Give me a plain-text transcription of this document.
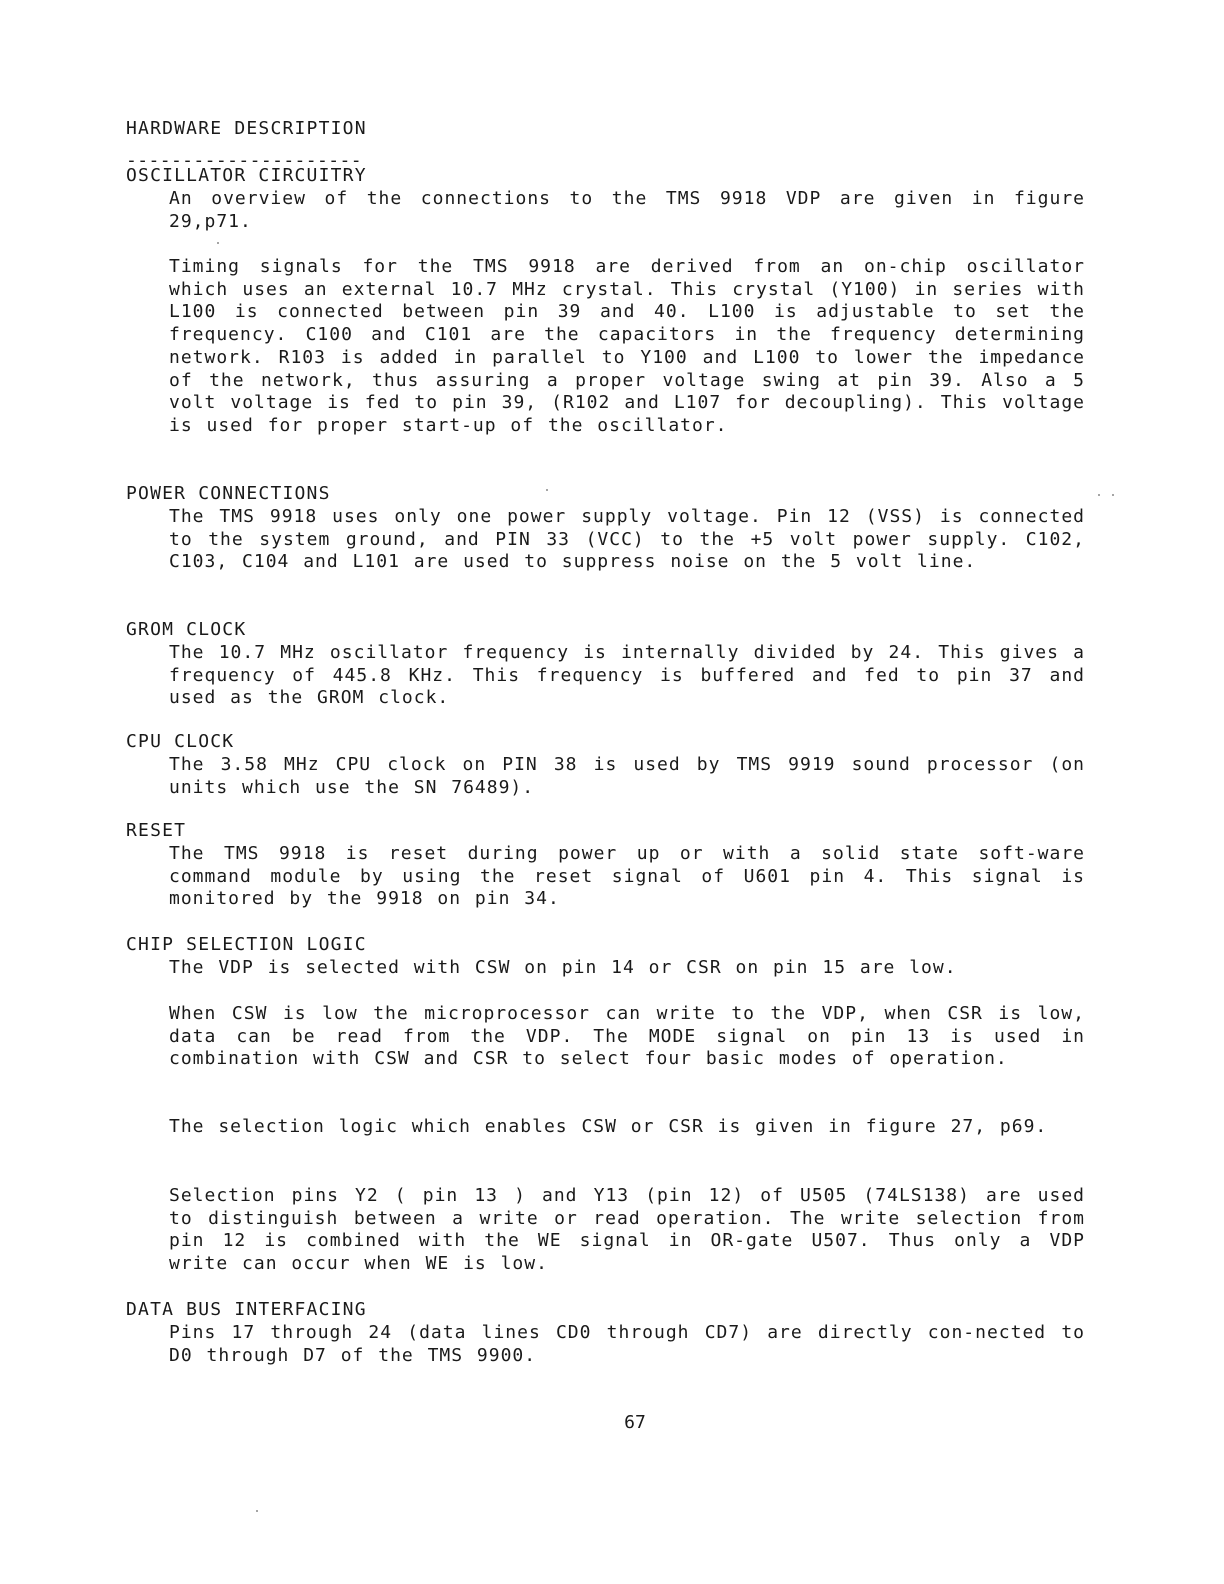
HARDWARE DESCRIPTION
---------------------
OSCILLATOR CIRCUITRY
An overview of the connections to the TMS 9918 VDP are given in figure 29,p71.
Timing signals for the TMS 9918 are derived from an on-chip oscillator which uses an external 10.7 MHz crystal. This crystal (Y100) in series with L100 is connected between pin 39 and 40. L100 is adjustable to set the frequency. C100 and C101 are the capacitors in the frequency determining network. R103 is added in parallel to Y100 and L100 to lower the impedance of the network, thus assuring a proper voltage swing at pin 39. Also a 5 volt voltage is fed to pin 39, (R102 and L107 for decoupling). This voltage is used for proper start-up of the oscillator.
POWER CONNECTIONS
The TMS 9918 uses only one power supply voltage. Pin 12 (VSS) is connected to the system ground, and PIN 33 (VCC) to the +5 volt power supply. C102, C103, C104 and L101 are used to suppress noise on the 5 volt line.
GROM CLOCK
The 10.7 MHz oscillator frequency is internally divided by 24. This gives a frequency of 445.8 KHz. This frequency is buffered and fed to pin 37 and used as the GROM clock.
CPU CLOCK
The 3.58 MHz CPU clock on PIN 38 is used by TMS 9919 sound processor (on units which use the SN 76489).
RESET
The TMS 9918 is reset during power up or with a solid state soft-ware command module by using the reset signal of U601 pin 4. This signal is monitored by the 9918 on pin 34.
CHIP SELECTION LOGIC
The VDP is selected with CSW on pin 14 or CSR on pin 15 are low.
When CSW is low the microprocessor can write to the VDP, when CSR is low, data can be read from the VDP. The MODE signal on pin 13 is used in combination with CSW and CSR to select four basic modes of operation.
The selection logic which enables CSW or CSR is given in figure 27, p69.
Selection pins Y2 ( pin 13 ) and Y13 (pin 12) of U505 (74LS138) are used to distinguish between a write or read operation. The write selection from pin 12 is combined with the WE signal in OR-gate U507. Thus only a VDP write can occur when WE is low.
DATA BUS INTERFACING
Pins 17 through 24 (data lines CD0 through CD7) are directly con-nected to D0 through D7 of the TMS 9900.
67
